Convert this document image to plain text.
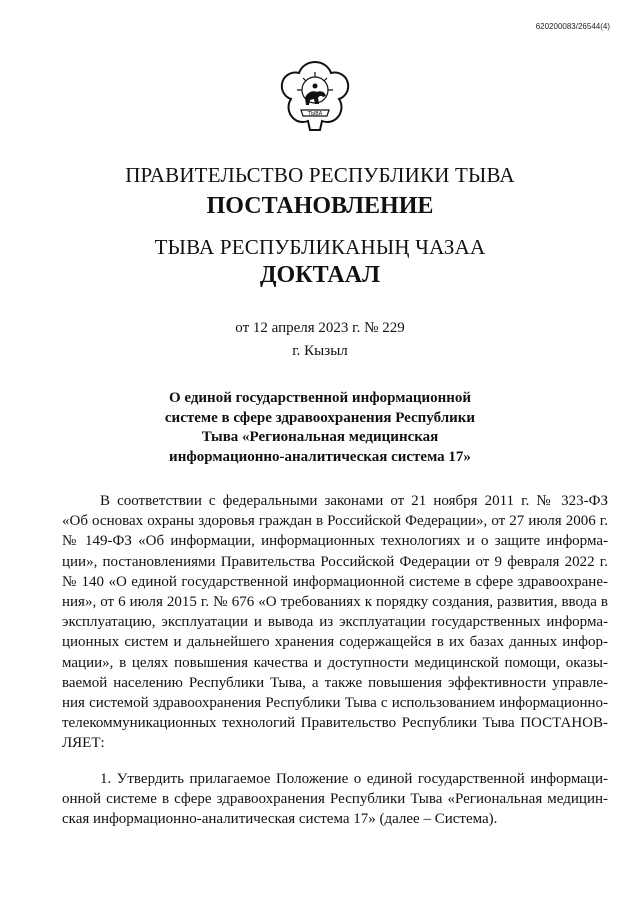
620200083/26544(4)
ТЫВА
ПРАВИТЕЛЬСТВО РЕСПУБЛИКИ ТЫВА
ПОСТАНОВЛЕНИЕ
ТЫВА РЕСПУБЛИКАНЫҢ ЧАЗАА
ДОКТААЛ
от 12 апреля 2023 г. № 229
г. Кызыл
О единой государственной информационной
системе в сфере здравоохранения Республики
Тыва «Региональная медицинская
информационно-аналитическая система 17»
В соответствии с федеральными законами от 21 ноября 2011 г. № 323-ФЗ
«Об основах охраны здоровья граждан в Российской Федерации», от 27 июля 2006 г.
№ 149-ФЗ «Об информации, информационных технологиях и о защите информа-
ции», постановлениями Правительства Российской Федерации от 9 февраля 2022 г.
№ 140 «О единой государственной информационной системе в сфере здравоохране-
ния», от 6 июля 2015 г. № 676 «О требованиях к порядку создания, развития, ввода в
эксплуатацию, эксплуатации и вывода из эксплуатации государственных информа-
ционных систем и дальнейшего хранения содержащейся в их базах данных инфор-
мации», в целях повышения качества и доступности медицинской помощи, оказы-
ваемой населению Республики Тыва, а также повышения эффективности управле-
ния системой здравоохранения Республики Тыва с использованием информационно-
телекоммуникационных технологий Правительство Республики Тыва ПОСТАНОВ-
ЛЯЕТ:
1. Утвердить прилагаемое Положение о единой государственной информаци-
онной системе в сфере здравоохранения Республики Тыва «Региональная медицин-
ская информационно-аналитическая система 17» (далее – Система).
